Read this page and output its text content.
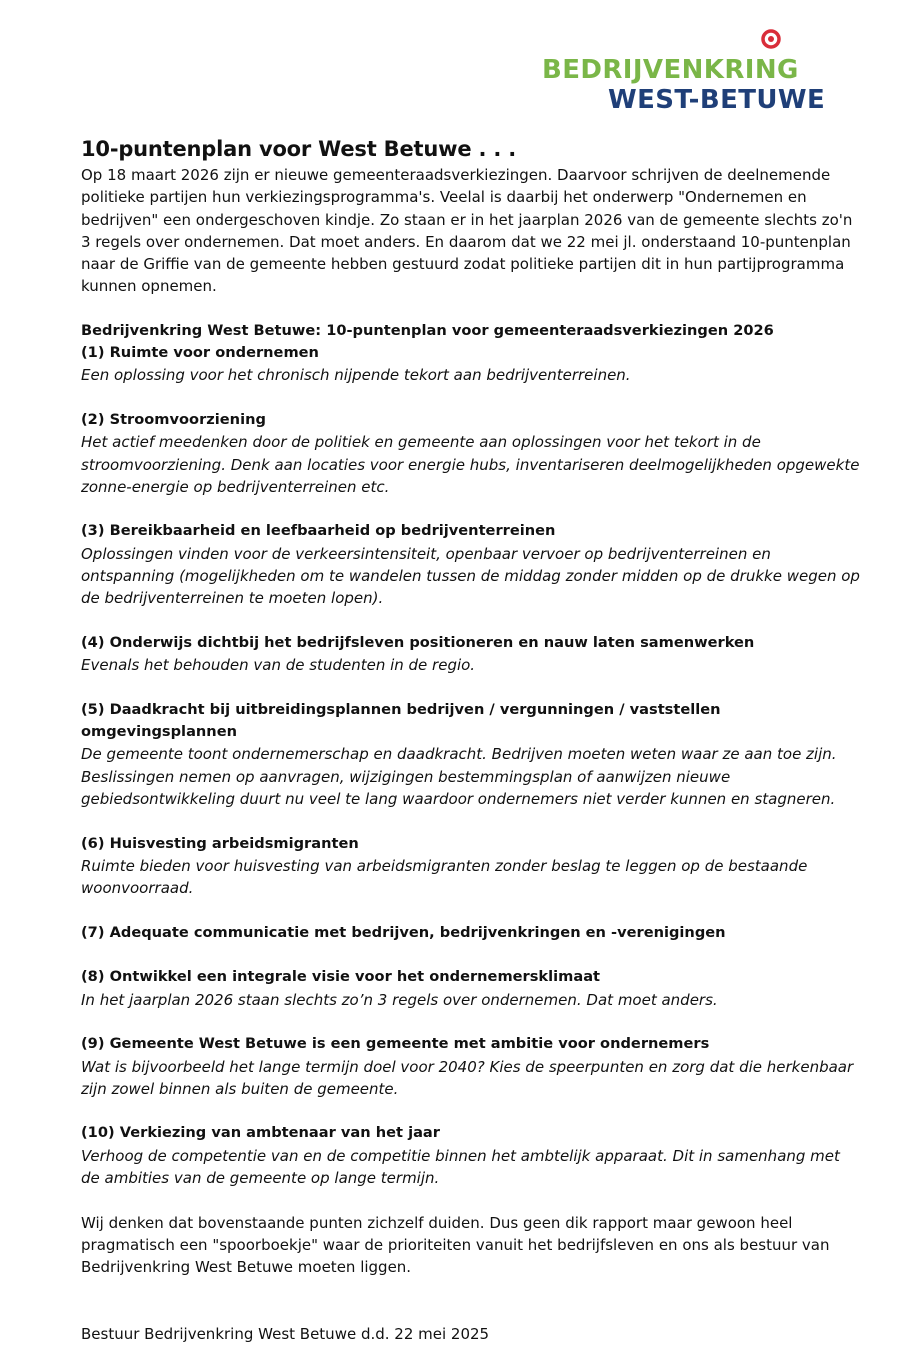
BEDRIJVENKRING
WEST-BETUWE
10-puntenplan voor West Betuwe . . .

Op 18 maart 2026 zijn er nieuwe gemeenteraadsverkiezingen. Daarvoor schrijven de deelnemende politieke partijen hun verkiezingsprogramma's. Veelal is daarbij het onderwerp "Ondernemen en bedrijven" een ondergeschoven kindje. Zo staan er in het jaarplan 2026 van de gemeente slechts zo'n 3 regels over ondernemen. Dat moet anders. En daarom dat we 22 mei jl. onderstaand 10-puntenplan naar de Griffie van de gemeente hebben gestuurd zodat politieke partijen dit in hun partijprogramma kunnen opnemen.

Bedrijvenkring West Betuwe: 10-puntenplan voor gemeenteraadsverkiezingen 2026
(1) Ruimte voor ondernemen
Een oplossing voor het chronisch nijpende tekort aan bedrijventerreinen.
(2) Stroomvoorziening
Het actief meedenken door de politiek en gemeente aan oplossingen voor het tekort in de stroomvoorziening. Denk aan locaties voor energie hubs, inventariseren deelmogelijkheden opgewekte zonne-energie op bedrijventerreinen etc.
(3) Bereikbaarheid en leefbaarheid op bedrijventerreinen
Oplossingen vinden voor de verkeersintensiteit, openbaar vervoer op bedrijventerreinen en ontspanning (mogelijkheden om te wandelen tussen de middag zonder midden op de drukke wegen op de bedrijventerreinen te moeten lopen).
(4) Onderwijs dichtbij het bedrijfsleven positioneren en nauw laten samenwerken
Evenals het behouden van de studenten in de regio.
(5) Daadkracht bij uitbreidingsplannen bedrijven / vergunningen / vaststellen omgevingsplannen
De gemeente toont ondernemerschap en daadkracht. Bedrijven moeten weten waar ze aan toe zijn. Beslissingen nemen op aanvragen, wijzigingen bestemmingsplan of aanwijzen nieuwe gebiedsontwikkeling duurt nu veel te lang waardoor ondernemers niet verder kunnen en stagneren.
(6) Huisvesting arbeidsmigranten
Ruimte bieden voor huisvesting van arbeidsmigranten zonder beslag te leggen op de bestaande woonvoorraad.
(7) Adequate communicatie met bedrijven, bedrijvenkringen en -verenigingen
(8) Ontwikkel een integrale visie voor het ondernemersklimaat
In het jaarplan 2026 staan slechts zo’n 3 regels over ondernemen. Dat moet anders.
(9) Gemeente West Betuwe is een gemeente met ambitie voor ondernemers
Wat is bijvoorbeeld het lange termijn doel voor 2040? Kies de speerpunten en zorg dat die herkenbaar zijn zowel binnen als buiten de gemeente.
(10) Verkiezing van ambtenaar van het jaar
Verhoog de competentie van en de competitie binnen het ambtelijk apparaat. Dit in samenhang met de ambities van de gemeente op lange termijn.

Wij denken dat bovenstaande punten zichzelf duiden. Dus geen dik rapport maar gewoon heel pragmatisch een "spoorboekje" waar de prioriteiten vanuit het bedrijfsleven en ons als bestuur van Bedrijvenkring West Betuwe moeten liggen.

Bestuur Bedrijvenkring West Betuwe d.d. 22 mei 2025
